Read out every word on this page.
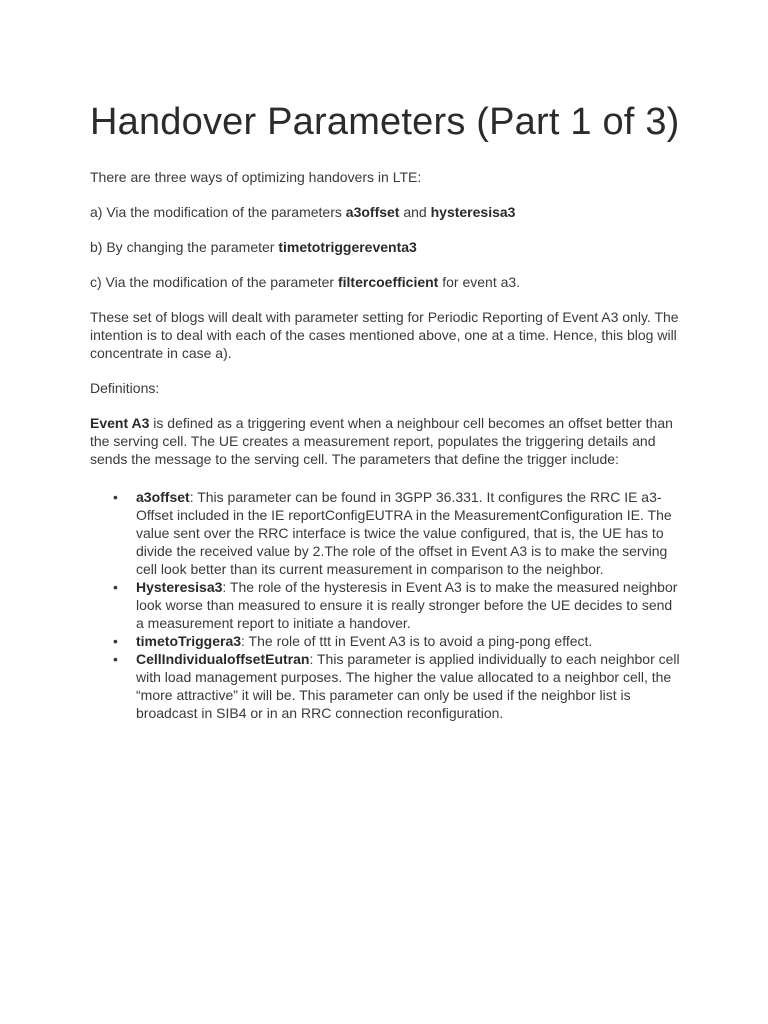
Handover Parameters (Part 1 of 3)

There are three ways of optimizing handovers in LTE:

a) Via the modification of the parameters a3offset and hysteresisa3

b) By changing the parameter timetotriggereventa3

c) Via the modification of the parameter filtercoefficient for event a3.

These set of blogs will dealt with parameter setting for Periodic Reporting of Event A3 only. The intention is to deal with each of the cases mentioned above, one at a time. Hence, this blog will concentrate in case a).

Definitions:

Event A3 is defined as a triggering event when a neighbour cell becomes an offset better than the serving cell. The UE creates a measurement report, populates the triggering details and sends the message to the serving cell. The parameters that define the trigger include:

• a3offset: This parameter can be found in 3GPP 36.331. It configures the RRC IE a3-Offset included in the IE reportConfigEUTRA in the MeasurementConfiguration IE. The value sent over the RRC interface is twice the value configured, that is, the UE has to divide the received value by 2.The role of the offset in Event A3 is to make the serving cell look better than its current measurement in comparison to the neighbor.
• Hysteresisa3: The role of the hysteresis in Event A3 is to make the measured neighbor look worse than measured to ensure it is really stronger before the UE decides to send a measurement report to initiate a handover.
• timetoTriggera3: The role of ttt in Event A3 is to avoid a ping-pong effect.
• CellIndividualoffsetEutran: This parameter is applied individually to each neighbor cell with load management purposes. The higher the value allocated to a neighbor cell, the “more attractive” it will be. This parameter can only be used if the neighbor list is broadcast in SIB4 or in an RRC connection reconfiguration.
